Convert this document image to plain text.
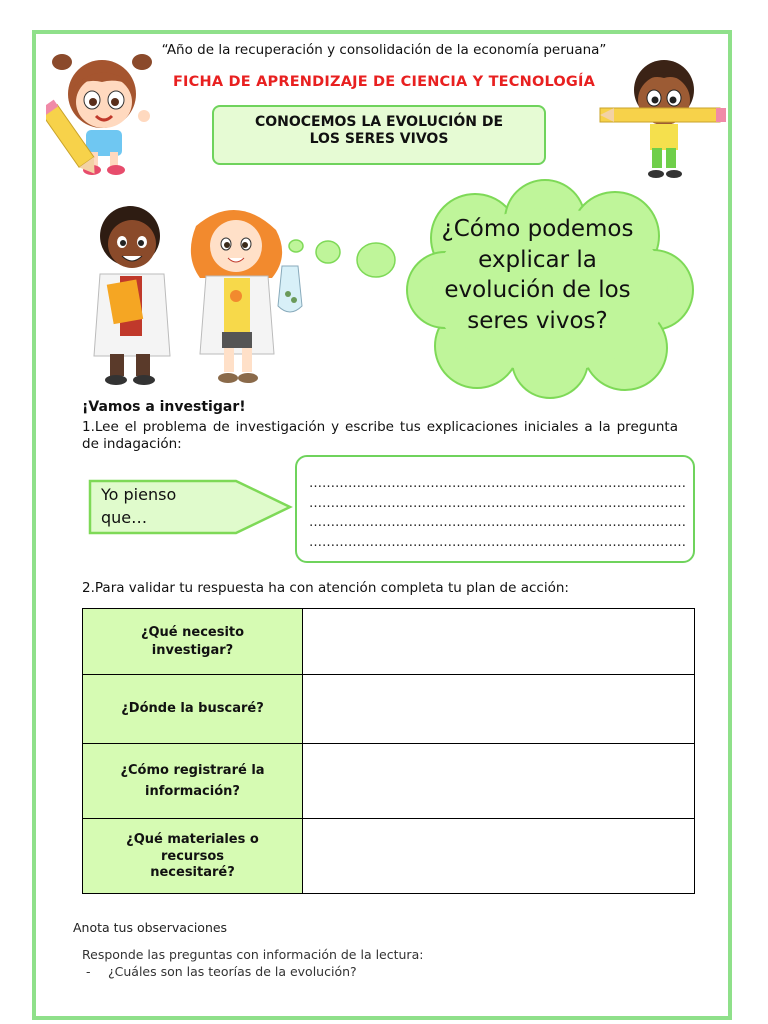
“Año de la recuperación y consolidación de la economía peruana”
FICHA DE APRENDIZAJE DE CIENCIA Y TECNOLOGÍA
CONOCEMOS LA EVOLUCIÓN DE
LOS SERES VIVOS
¿Cómo podemos explicar la evolución de los seres vivos?
¡Vamos a investigar!
1.Lee el problema de investigación y escribe tus explicaciones iniciales a la pregunta de indagación:
Yo pienso que…
……………………………………………………………………………
……………………………………………………………………………
……………………………………………………………………………
……………………………………………………………………………
2.Para validar tu respuesta ha con atención completa tu plan de acción:
¿Qué necesito
investigar?	

¿Dónde la buscaré?	

¿Cómo registraré la
información?	

¿Qué materiales o
recursos
necesitaré?	

Anota tus observaciones
Responde las preguntas con información de la lectura:
- ¿Cuáles son las teorías de la evolución?
